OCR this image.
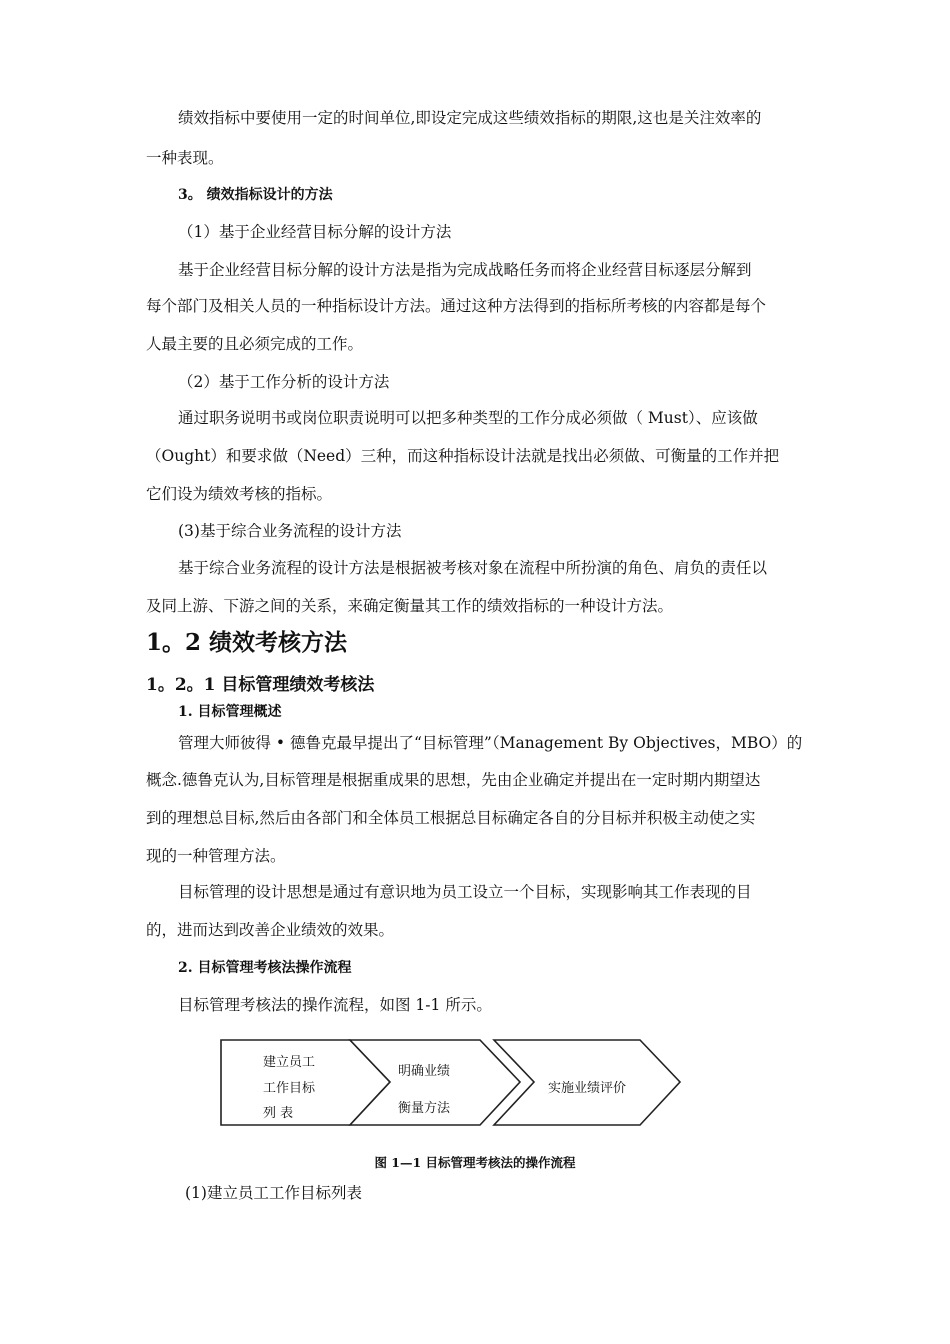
绩效指标中要使用一定的时间单位,即设定完成这些绩效指标的期限,这也是关注效率的
一种表现。
3。 绩效指标设计的方法
（1）基于企业经营目标分解的设计方法
基于企业经营目标分解的设计方法是指为完成战略任务而将企业经营目标逐层分解到
每个部门及相关人员的一种指标设计方法。通过这种方法得到的指标所考核的内容都是每个
人最主要的且必须完成的工作。
（2）基于工作分析的设计方法
通过职务说明书或岗位职责说明可以把多种类型的工作分成必须做（ Must）、应该做
（Ought）和要求做（Need）三种，而这种指标设计法就是找出必须做、可衡量的工作并把
它们设为绩效考核的指标。
(3)基于综合业务流程的设计方法
基于综合业务流程的设计方法是根据被考核对象在流程中所扮演的角色、肩负的责任以
及同上游、下游之间的关系，来确定衡量其工作的绩效指标的一种设计方法。
1。2 绩效考核方法
1。2。1 目标管理绩效考核法
1. 目标管理概述
管理大师彼得 • 德鲁克最早提出了“目标管理”（Management By Objectives，MBO）的
概念.德鲁克认为,目标管理是根据重成果的思想，先由企业确定并提出在一定时期内期望达
到的理想总目标,然后由各部门和全体员工根据总目标确定各自的分目标并积极主动使之实
现的一种管理方法。
目标管理的设计思想是通过有意识地为员工设立一个目标，实现影响其工作表现的目
的，进而达到改善企业绩效的效果。
2. 目标管理考核法操作流程
目标管理考核法的操作流程，如图 1-1 所示。
建立员工
工作目标
列 表
明确业绩
衡量方法
实施业绩评价
图 1—1 目标管理考核法的操作流程
(1)建立员工工作目标列表
